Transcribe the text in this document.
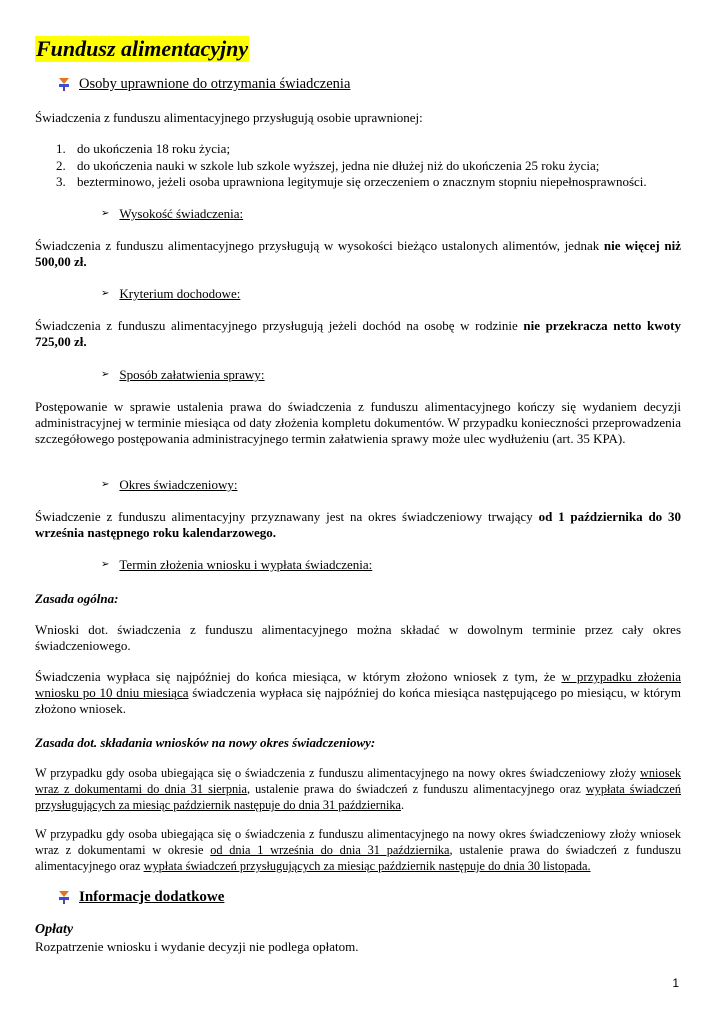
Fundusz alimentacyjny
Osoby uprawnione do otrzymania świadczenia

Świadczenia z funduszu alimentacyjnego przysługują osobie uprawnionej:

1. do ukończenia 18 roku życia;
2. do ukończenia nauki w szkole lub szkole wyższej, jedna nie dłużej niż do ukończenia 25 roku życia;
3. bezterminowo, jeżeli osoba uprawniona legitymuje się orzeczeniem o znacznym stopniu niepełnosprawności.
➢ Wysokość świadczenia:

Świadczenia z funduszu alimentacyjnego przysługują w wysokości bieżąco ustalonych alimentów, jednak nie więcej niż 500,00 zł.

➢ Kryterium dochodowe:

Świadczenia z funduszu alimentacyjnego przysługują jeżeli dochód na osobę w rodzinie nie przekracza netto kwoty 725,00 zł.

➢ Sposób załatwienia sprawy:

Postępowanie w sprawie ustalenia prawa do świadczenia z funduszu alimentacyjnego kończy się wydaniem decyzji administracyjnej w terminie miesiąca od daty złożenia kompletu dokumentów. W przypadku konieczności przeprowadzenia szczegółowego postępowania administracyjnego termin załatwienia sprawy może ulec wydłużeniu (art. 35 KPA).

➢ Okres świadczeniowy:

Świadczenie z funduszu alimentacyjny przyznawany jest na okres świadczeniowy trwający od 1 października do 30 września następnego roku kalendarzowego.

➢ Termin złożenia wniosku i wypłata świadczenia:
Zasada ogólna:

Wnioski dot. świadczenia z funduszu alimentacyjnego można składać w dowolnym terminie przez cały okres świadczeniowego.

Świadczenia wypłaca się najpóźniej do końca miesiąca, w którym złożono wniosek z tym, że w przypadku złożenia wniosku po 10 dniu miesiąca świadczenia wypłaca się najpóźniej do końca miesiąca następującego po miesiącu, w którym złożono wniosek.

Zasada dot. składania wniosków na nowy okres świadczeniowy:

W przypadku gdy osoba ubiegająca się o świadczenia z funduszu alimentacyjnego na nowy okres świadczeniowy złoży wniosek wraz z dokumentami do dnia 31 sierpnia, ustalenie prawa do świadczeń z funduszu alimentacyjnego oraz wypłata świadczeń przysługujących za miesiąc październik następuje do dnia 31 października.

W przypadku gdy osoba ubiegająca się o świadczenia z funduszu alimentacyjnego na nowy okres świadczeniowy złoży wniosek wraz z dokumentami w okresie od dnia 1 września do dnia 31 października, ustalenie prawa do świadczeń z funduszu alimentacyjnego oraz wypłata świadczeń przysługujących za miesiąc październik następuje do dnia 30 listopada.

Informacje dodatkowe
Opłaty

Rozpatrzenie wniosku i wydanie decyzji nie podlega opłatom.

1
